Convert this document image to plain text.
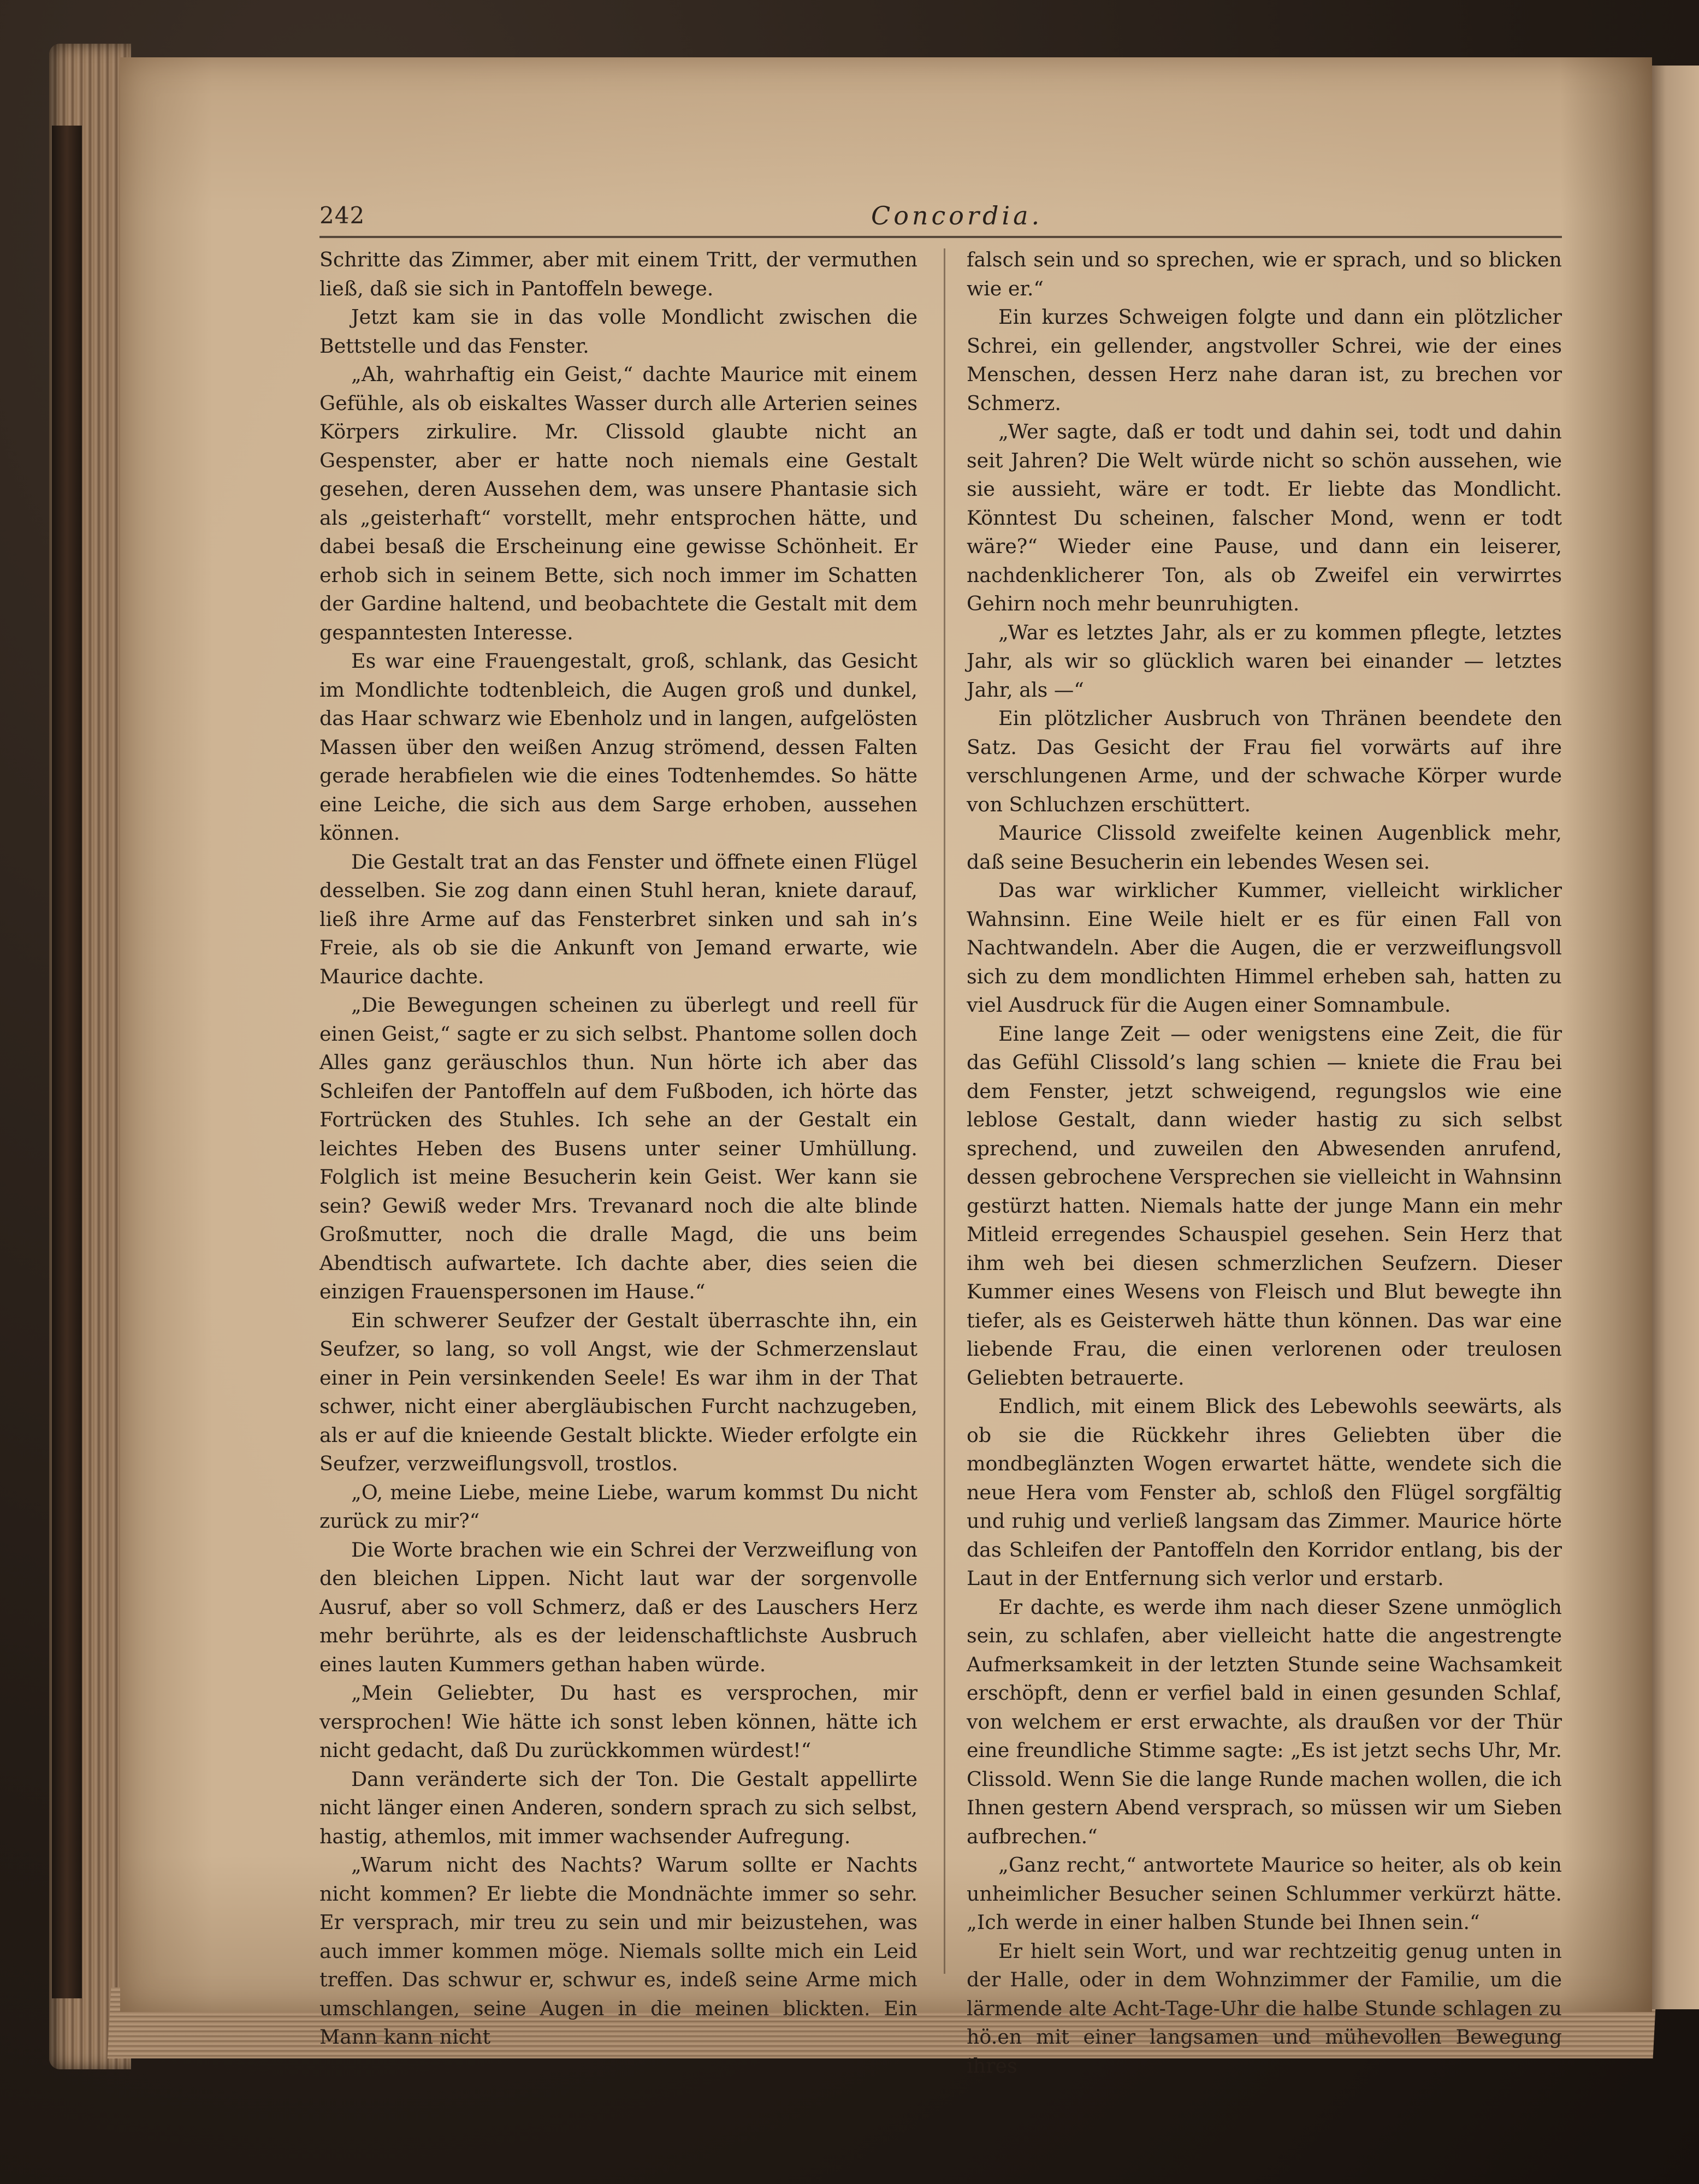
242	Concordia.

Schritte das Zimmer, aber mit einem Tritt, der vermuthen ließ, daß sie sich in Pantoffeln bewege.

Jetzt kam sie in das volle Mondlicht zwischen die Bettstelle und das Fenster.

„Ah, wahrhaftig ein Geist,“ dachte Maurice mit einem Gefühle, als ob eiskaltes Wasser durch alle Arterien seines Körpers zirkulire. Mr. Clissold glaubte nicht an Gespenster, aber er hatte noch niemals eine Gestalt gesehen, deren Aussehen dem, was unsere Phantasie sich als „geisterhaft“ vorstellt, mehr entsprochen hätte, und dabei besaß die Erscheinung eine gewisse Schönheit. Er erhob sich in seinem Bette, sich noch immer im Schatten der Gardine haltend, und beobachtete die Gestalt mit dem gespanntesten Interesse.

Es war eine Frauengestalt, groß, schlank, das Gesicht im Mondlichte todtenbleich, die Augen groß und dunkel, das Haar schwarz wie Ebenholz und in langen, aufgelösten Massen über den weißen Anzug strömend, dessen Falten gerade herabfielen wie die eines Todtenhemdes. So hätte eine Leiche, die sich aus dem Sarge erhoben, aussehen können.

Die Gestalt trat an das Fenster und öffnete einen Flügel desselben. Sie zog dann einen Stuhl heran, kniete darauf, ließ ihre Arme auf das Fensterbret sinken und sah in’s Freie, als ob sie die Ankunft von Jemand erwarte, wie Maurice dachte.

„Die Bewegungen scheinen zu überlegt und reell für einen Geist,“ sagte er zu sich selbst. Phantome sollen doch Alles ganz geräuschlos thun. Nun hörte ich aber das Schleifen der Pantoffeln auf dem Fußboden, ich hörte das Fortrücken des Stuhles. Ich sehe an der Gestalt ein leichtes Heben des Busens unter seiner Umhüllung. Folglich ist meine Besucherin kein Geist. Wer kann sie sein? Gewiß weder Mrs. Trevanard noch die alte blinde Großmutter, noch die dralle Magd, die uns beim Abendtisch aufwartete. Ich dachte aber, dies seien die einzigen Frauenspersonen im Hause.“

Ein schwerer Seufzer der Gestalt überraschte ihn, ein Seufzer, so lang, so voll Angst, wie der Schmerzenslaut einer in Pein versinkenden Seele! Es war ihm in der That schwer, nicht einer abergläubischen Furcht nachzugeben, als er auf die knieende Gestalt blickte. Wieder erfolgte ein Seufzer, verzweiflungsvoll, trostlos.

„O, meine Liebe, meine Liebe, warum kommst Du nicht zurück zu mir?“

Die Worte brachen wie ein Schrei der Verzweiflung von den bleichen Lippen. Nicht laut war der sorgenvolle Ausruf, aber so voll Schmerz, daß er des Lauschers Herz mehr berührte, als es der leidenschaftlichste Ausbruch eines lauten Kummers gethan haben würde.

„Mein Geliebter, Du hast es versprochen, mir versprochen! Wie hätte ich sonst leben können, hätte ich nicht gedacht, daß Du zurückkommen würdest!“

Dann veränderte sich der Ton. Die Gestalt appellirte nicht länger einen Anderen, sondern sprach zu sich selbst, hastig, athemlos, mit immer wachsender Aufregung.

„Warum nicht des Nachts? Warum sollte er Nachts nicht kommen? Er liebte die Mondnächte immer so sehr. Er versprach, mir treu zu sein und mir beizustehen, was auch immer kommen möge. Niemals sollte mich ein Leid treffen. Das schwur er, schwur es, indeß seine Arme mich umschlangen, seine Augen in die meinen blickten. Ein Mann kann nicht

falsch sein und so sprechen, wie er sprach, und so blicken wie er.“

Ein kurzes Schweigen folgte und dann ein plötzlicher Schrei, ein gellender, angstvoller Schrei, wie der eines Menschen, dessen Herz nahe daran ist, zu brechen vor Schmerz.

„Wer sagte, daß er todt und dahin sei, todt und dahin seit Jahren? Die Welt würde nicht so schön aussehen, wie sie aussieht, wäre er todt. Er liebte das Mondlicht. Könntest Du scheinen, falscher Mond, wenn er todt wäre?“ Wieder eine Pause, und dann ein leiserer, nachdenklicherer Ton, als ob Zweifel ein verwirrtes Gehirn noch mehr beunruhigten.

„War es letztes Jahr, als er zu kommen pflegte, letztes Jahr, als wir so glücklich waren bei einander — letztes Jahr, als —“

Ein plötzlicher Ausbruch von Thränen beendete den Satz. Das Gesicht der Frau fiel vorwärts auf ihre verschlungenen Arme, und der schwache Körper wurde von Schluchzen erschüttert.

Maurice Clissold zweifelte keinen Augenblick mehr, daß seine Besucherin ein lebendes Wesen sei.

Das war wirklicher Kummer, vielleicht wirklicher Wahnsinn. Eine Weile hielt er es für einen Fall von Nachtwandeln. Aber die Augen, die er verzweiflungsvoll sich zu dem mondlichten Himmel erheben sah, hatten zu viel Ausdruck für die Augen einer Somnambule.

Eine lange Zeit — oder wenigstens eine Zeit, die für das Gefühl Clissold’s lang schien — kniete die Frau bei dem Fenster, jetzt schweigend, regungslos wie eine leblose Gestalt, dann wieder hastig zu sich selbst sprechend, und zuweilen den Abwesenden anrufend, dessen gebrochene Versprechen sie vielleicht in Wahnsinn gestürzt hatten. Niemals hatte der junge Mann ein mehr Mitleid erregendes Schauspiel gesehen. Sein Herz that ihm weh bei diesen schmerzlichen Seufzern. Dieser Kummer eines Wesens von Fleisch und Blut bewegte ihn tiefer, als es Geisterweh hätte thun können. Das war eine liebende Frau, die einen verlorenen oder treulosen Geliebten betrauerte.

Endlich, mit einem Blick des Lebewohls seewärts, als ob sie die Rückkehr ihres Geliebten über die mondbeglänzten Wogen erwartet hätte, wendete sich die neue Hera vom Fenster ab, schloß den Flügel sorgfältig und ruhig und verließ langsam das Zimmer. Maurice hörte das Schleifen der Pantoffeln den Korridor entlang, bis der Laut in der Entfernung sich verlor und erstarb.

Er dachte, es werde ihm nach dieser Szene unmöglich sein, zu schlafen, aber vielleicht hatte die angestrengte Aufmerksamkeit in der letzten Stunde seine Wachsamkeit erschöpft, denn er verfiel bald in einen gesunden Schlaf, von welchem er erst erwachte, als draußen vor der Thür eine freundliche Stimme sagte: „Es ist jetzt sechs Uhr, Mr. Clissold. Wenn Sie die lange Runde machen wollen, die ich Ihnen gestern Abend versprach, so müssen wir um Sieben aufbrechen.“

„Ganz recht,“ antwortete Maurice so heiter, als ob kein unheimlicher Besucher seinen Schlummer verkürzt hätte. „Ich werde in einer halben Stunde bei Ihnen sein.“

Er hielt sein Wort, und war rechtzeitig genug unten in der Halle, oder in dem Wohnzimmer der Familie, um die lärmende alte Acht-Tage-Uhr die halbe Stunde schlagen zu hö.en mit einer langsamen und mühevollen Bewegung ihres
